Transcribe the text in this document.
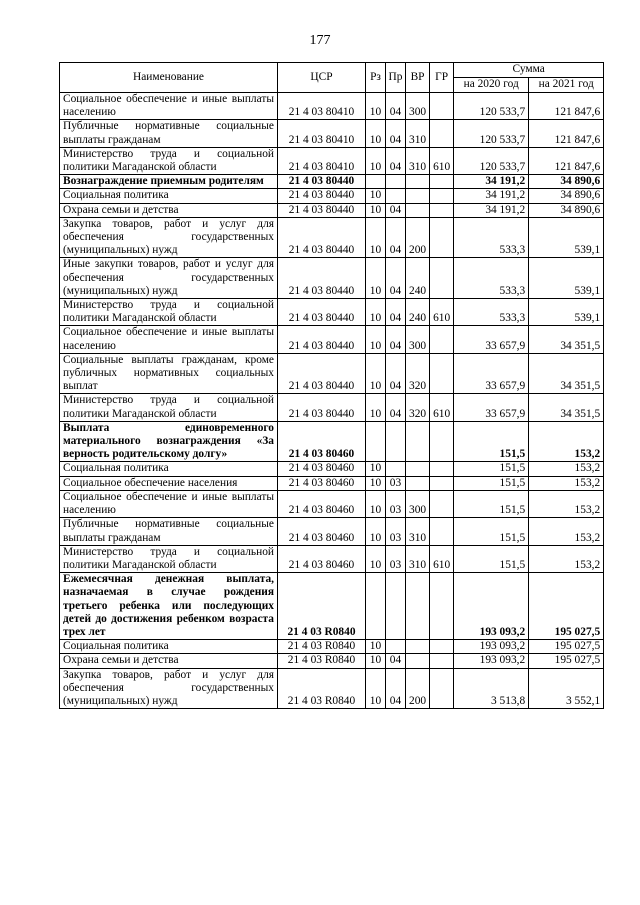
177
Наименование	ЦСР	Рз	Пр	ВР	ГР	Сумма	
						на 2020 год	на 2021 год
Социальное обеспечение и иные выплаты населению	21 4 03 80410	10	04	300		120 533,7	121 847,6
Публичные нормативные социальные выплаты гражданам	21 4 03 80410	10	04	310		120 533,7	121 847,6
Министерство труда и социальной политики Магаданской области	21 4 03 80410	10	04	310	610	120 533,7	121 847,6
Вознаграждение приемным родителям	21 4 03 80440					34 191,2	34 890,6
Социальная политика	21 4 03 80440	10				34 191,2	34 890,6
Охрана семьи и детства	21 4 03 80440	10	04			34 191,2	34 890,6
Закупка товаров, работ и услуг для обеспечения государственных (муниципальных) нужд	21 4 03 80440	10	04	200		533,3	539,1
Иные закупки товаров, работ и услуг для обеспечения государственных (муниципальных) нужд	21 4 03 80440	10	04	240		533,3	539,1
Министерство труда и социальной политики Магаданской области	21 4 03 80440	10	04	240	610	533,3	539,1
Социальное обеспечение и иные выплаты населению	21 4 03 80440	10	04	300		33 657,9	34 351,5
Социальные выплаты гражданам, кроме публичных нормативных социальных выплат	21 4 03 80440	10	04	320		33 657,9	34 351,5
Министерство труда и социальной политики Магаданской области	21 4 03 80440	10	04	320	610	33 657,9	34 351,5
Выплата единовременного материального вознаграждения «За верность родительскому долгу»	21 4 03 80460					151,5	153,2
Социальная политика	21 4 03 80460	10				151,5	153,2
Социальное обеспечение населения	21 4 03 80460	10	03			151,5	153,2
Социальное обеспечение и иные выплаты населению	21 4 03 80460	10	03	300		151,5	153,2
Публичные нормативные социальные выплаты гражданам	21 4 03 80460	10	03	310		151,5	153,2
Министерство труда и социальной политики Магаданской области	21 4 03 80460	10	03	310	610	151,5	153,2
Ежемесячная денежная выплата, назначаемая в случае рождения третьего ребенка или последующих детей до достижения ребенком возраста трех лет	21 4 03 R0840					193 093,2	195 027,5
Социальная политика	21 4 03 R0840	10				193 093,2	195 027,5
Охрана семьи и детства	21 4 03 R0840	10	04			193 093,2	195 027,5
Закупка товаров, работ и услуг для обеспечения государственных (муниципальных) нужд	21 4 03 R0840	10	04	200		3 513,8	3 552,1
